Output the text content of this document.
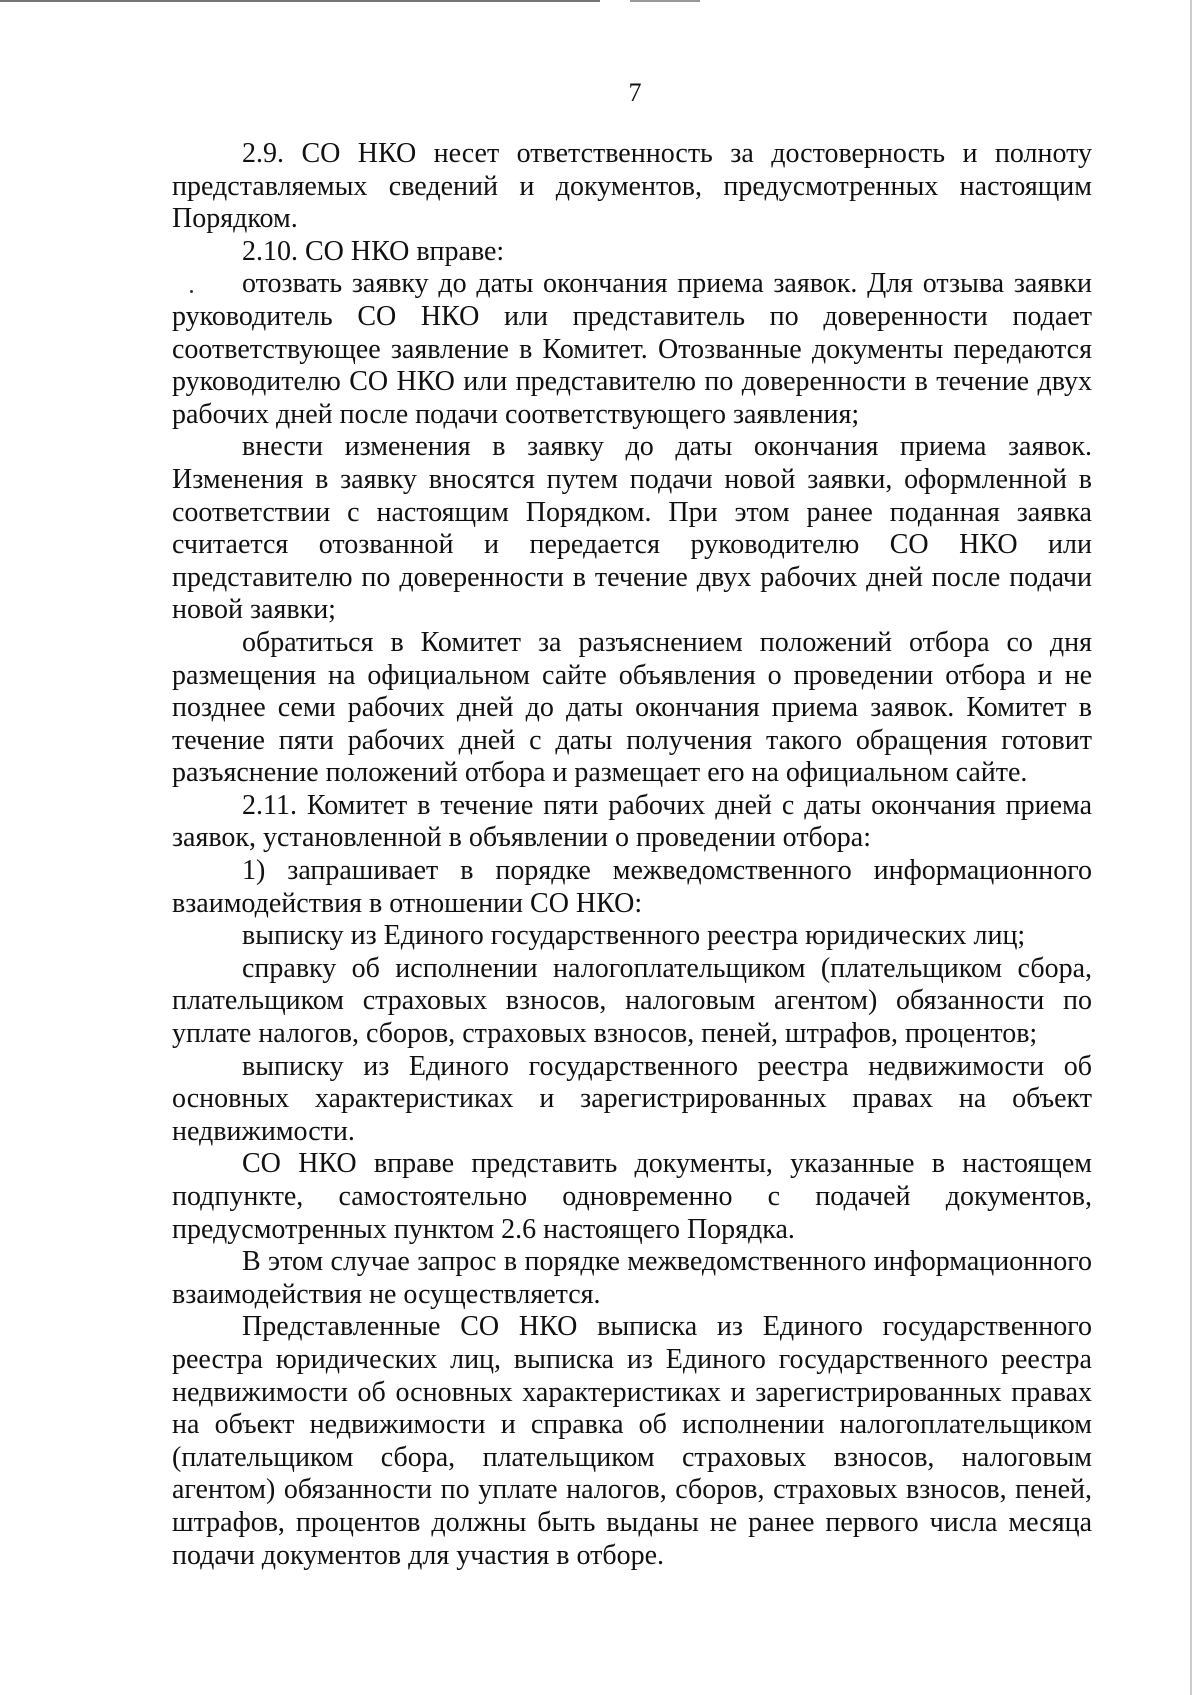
7

2.9. СО НКО несет ответственность за достоверность и полноту представляемых сведений и документов, предусмотренных настоящим Порядком.

2.10. СО НКО вправе:

отозвать заявку до даты окончания приема заявок. Для отзыва заявки руководитель СО НКО или представитель по доверенности подает соответствующее заявление в Комитет. Отозванные документы передаются руководителю СО НКО или представителю по доверенности в течение двух рабочих дней после подачи соответствующего заявления;

внести изменения в заявку до даты окончания приема заявок. Изменения в заявку вносятся путем подачи новой заявки, оформленной в соответствии с настоящим Порядком. При этом ранее поданная заявка считается отозванной и передается руководителю СО НКО или представителю по доверенности в течение двух рабочих дней после подачи новой заявки;

обратиться в Комитет за разъяснением положений отбора со дня размещения на официальном сайте объявления о проведении отбора и не позднее семи рабочих дней до даты окончания приема заявок. Комитет в течение пяти рабочих дней с даты получения такого обращения готовит разъяснение положений отбора и размещает его на официальном сайте.

2.11. Комитет в течение пяти рабочих дней с даты окончания приема заявок, установленной в объявлении о проведении отбора:

1) запрашивает в порядке межведомственного информационного взаимодействия в отношении СО НКО:

выписку из Единого государственного реестра юридических лиц;

справку об исполнении налогоплательщиком (плательщиком сбора, плательщиком страховых взносов, налоговым агентом) обязанности по уплате налогов, сборов, страховых взносов, пеней, штрафов, процентов;

выписку из Единого государственного реестра недвижимости об основных характеристиках и зарегистрированных правах на объект недвижимости.

СО НКО вправе представить документы, указанные в настоящем подпункте, самостоятельно одновременно с подачей документов, предусмотренных пунктом 2.6 настоящего Порядка.

В этом случае запрос в порядке межведомственного информационного взаимодействия не осуществляется.

Представленные СО НКО выписка из Единого государственного реестра юридических лиц, выписка из Единого государственного реестра недвижимости об основных характеристиках и зарегистрированных правах на объект недвижимости и справка об исполнении налогоплательщиком (плательщиком сбора, плательщиком страховых взносов, налоговым агентом) обязанности по уплате налогов, сборов, страховых взносов, пеней, штрафов, процентов должны быть выданы не ранее первого числа месяца подачи документов для участия в отборе.
